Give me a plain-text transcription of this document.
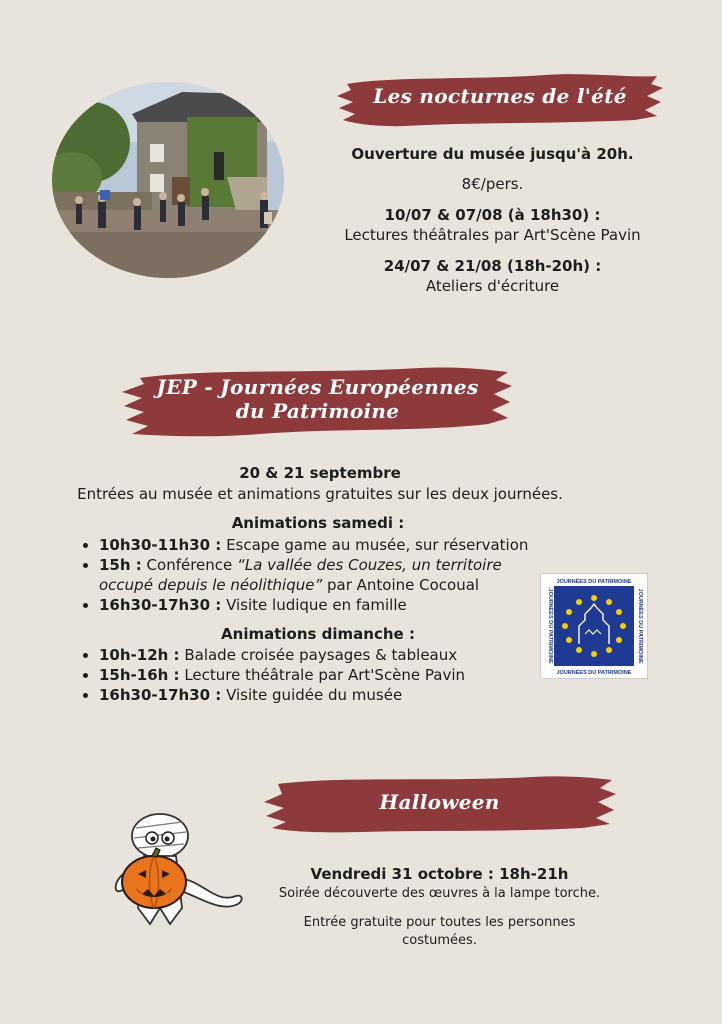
Les nocturnes de l'été
Ouverture du musée jusqu'à 20h.
8€/pers.
10/07 & 07/08 (à 18h30) :
Lectures théâtrales par Art'Scène Pavin
24/07 & 21/08 (18h-20h) :
Ateliers d'écriture
JEP - Journées Européennes
du Patrimoine
20 & 21 septembre
Entrées au musée et animations gratuites sur les deux journées.
Animations samedi :
• 10h30-11h30 : Escape game au musée, sur réservation
• 15h : Conférence “La vallée des Couzes, un territoire occupé depuis le néolithique” par Antoine Cocoual
• 16h30-17h30 : Visite ludique en famille
Animations dimanche :
• 10h-12h : Balade croisée paysages & tableaux
• 15h-16h : Lecture théâtrale par Art'Scène Pavin
• 16h30-17h30 : Visite guidée du musée
JOURNÉES DU PATRIMOINE
JOURNÉES DU PATRIMOINE
JOURNÉES DU PATRIMOINE	JOURNÉES DU PATRIMOINE
Halloween
Vendredi 31 octobre : 18h-21h
Soirée découverte des œuvres à la lampe torche.
Entrée gratuite pour toutes les personnes
costumées.
